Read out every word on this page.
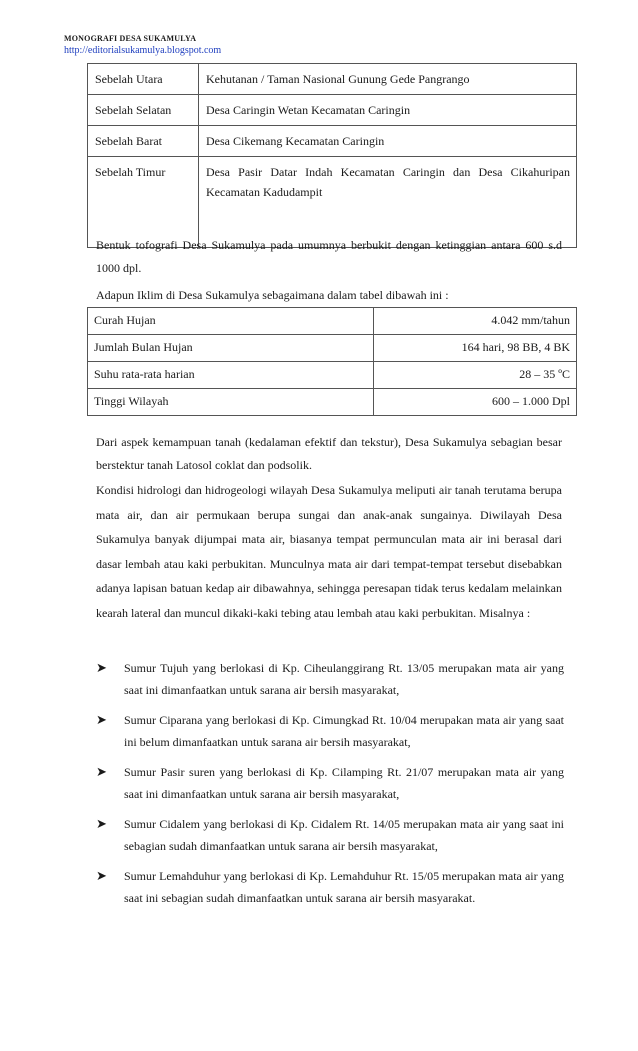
MONOGRAFI DESA SUKAMULYA
http://editorialsukamulya.blogspot.com
Sebelah Utara	Kehutanan / Taman Nasional Gunung Gede Pangrango
Sebelah Selatan	Desa Caringin Wetan Kecamatan Caringin
Sebelah Barat	Desa Cikemang Kecamatan Caringin
Sebelah Timur	Desa Pasir Datar Indah Kecamatan Caringin dan Desa Cikahuripan
Kecamatan Kadudampit
Bentuk tofografi Desa Sukamulya pada umumnya berbukit dengan ketinggian antara 600 s.d
1000 dpl.
Adapun Iklim di Desa Sukamulya sebagaimana dalam tabel dibawah ini :
Curah Hujan	4.042 mm/tahun
Jumlah Bulan Hujan	164 hari, 98 BB, 4 BK
Suhu rata-rata harian	28 – 35 ºC
Tinggi Wilayah	600 – 1.000 Dpl
Dari aspek kemampuan tanah (kedalaman efektif dan tekstur), Desa Sukamulya sebagian besar berstektur tanah Latosol coklat dan podsolik.
Kondisi hidrologi dan hidrogeologi wilayah Desa Sukamulya meliputi air tanah terutama berupa mata air, dan air permukaan berupa sungai dan anak-anak sungainya. Diwilayah Desa Sukamulya banyak dijumpai mata air, biasanya tempat permunculan mata air ini berasal dari dasar lembah atau kaki perbukitan. Munculnya mata air dari tempat-tempat tersebut disebabkan adanya lapisan batuan kedap air dibawahnya, sehingga peresapan tidak terus kedalam melainkan kearah lateral dan muncul dikaki-kaki tebing atau lembah atau kaki perbukitan. Misalnya :
➤ Sumur Tujuh yang berlokasi di Kp. Ciheulanggirang Rt. 13/05 merupakan mata air yang saat ini dimanfaatkan untuk sarana air bersih masyarakat,
➤ Sumur Ciparana yang berlokasi di Kp. Cimungkad Rt. 10/04 merupakan mata air yang saat ini belum dimanfaatkan untuk sarana air bersih masyarakat,
➤ Sumur Pasir suren yang berlokasi di Kp. Cilamping Rt. 21/07 merupakan mata air yang saat ini dimanfaatkan untuk sarana air bersih masyarakat,
➤ Sumur Cidalem yang berlokasi di Kp. Cidalem Rt. 14/05 merupakan mata air yang saat ini sebagian sudah dimanfaatkan untuk sarana air bersih masyarakat,
➤ Sumur Lemahduhur yang berlokasi di Kp. Lemahduhur Rt. 15/05 merupakan mata air yang saat ini sebagian sudah dimanfaatkan untuk sarana air bersih masyarakat.
